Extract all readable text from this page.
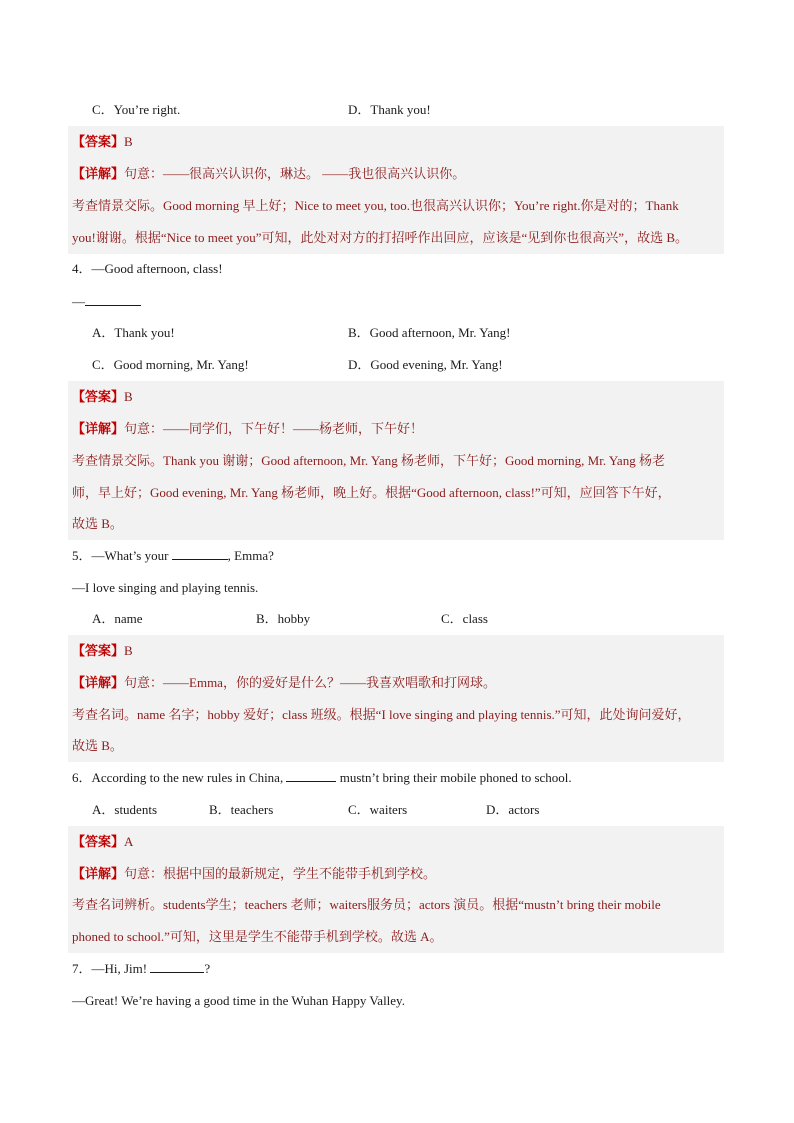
C．You’re right.	D．Thank you!
【答案】B
【详解】句意：——很高兴认识你，琳达。 ——我也很高兴认识你。
考查情景交际。Good morning 早上好；Nice to meet you, too.也很高兴认识你；You’re right.你是对的；Thank
you!谢谢。根据“Nice to meet you”可知，此处对对方的打招呼作出回应，应该是“见到你也很高兴”，故选 B。
4．—Good afternoon, class!
—
A．Thank you!	B．Good afternoon, Mr. Yang!
C．Good morning, Mr. Yang!	D．Good evening, Mr. Yang!
【答案】B
【详解】句意：——同学们，下午好！——杨老师，下午好！
考查情景交际。Thank you 谢谢；Good afternoon, Mr. Yang 杨老师，下午好；Good morning, Mr. Yang 杨老
师，早上好；Good evening, Mr. Yang 杨老师，晚上好。根据“Good afternoon, class!”可知，应回答下午好，
故选 B。
5．—What’s your	, Emma?
—I love singing and playing tennis.
A．name	B．hobby	C．class
【答案】B
【详解】句意：——Emma，你的爱好是什么？——我喜欢唱歌和打网球。
考查名词。name 名字；hobby 爱好；class 班级。根据“I love singing and playing tennis.”可知，此处询问爱好，
故选 B。
6．According to the new rules in China,	mustn’t bring their mobile phoned to school.
A．students	B．teachers	C．waiters	D．actors
【答案】A
【详解】句意：根据中国的最新规定，学生不能带手机到学校。
考查名词辨析。students学生；teachers 老师；waiters服务员；actors 演员。根据“mustn’t bring their mobile
phoned to school.”可知，这里是学生不能带手机到学校。故选 A。
7．—Hi, Jim!	?
—Great! We’re having a good time in the Wuhan Happy Valley.
